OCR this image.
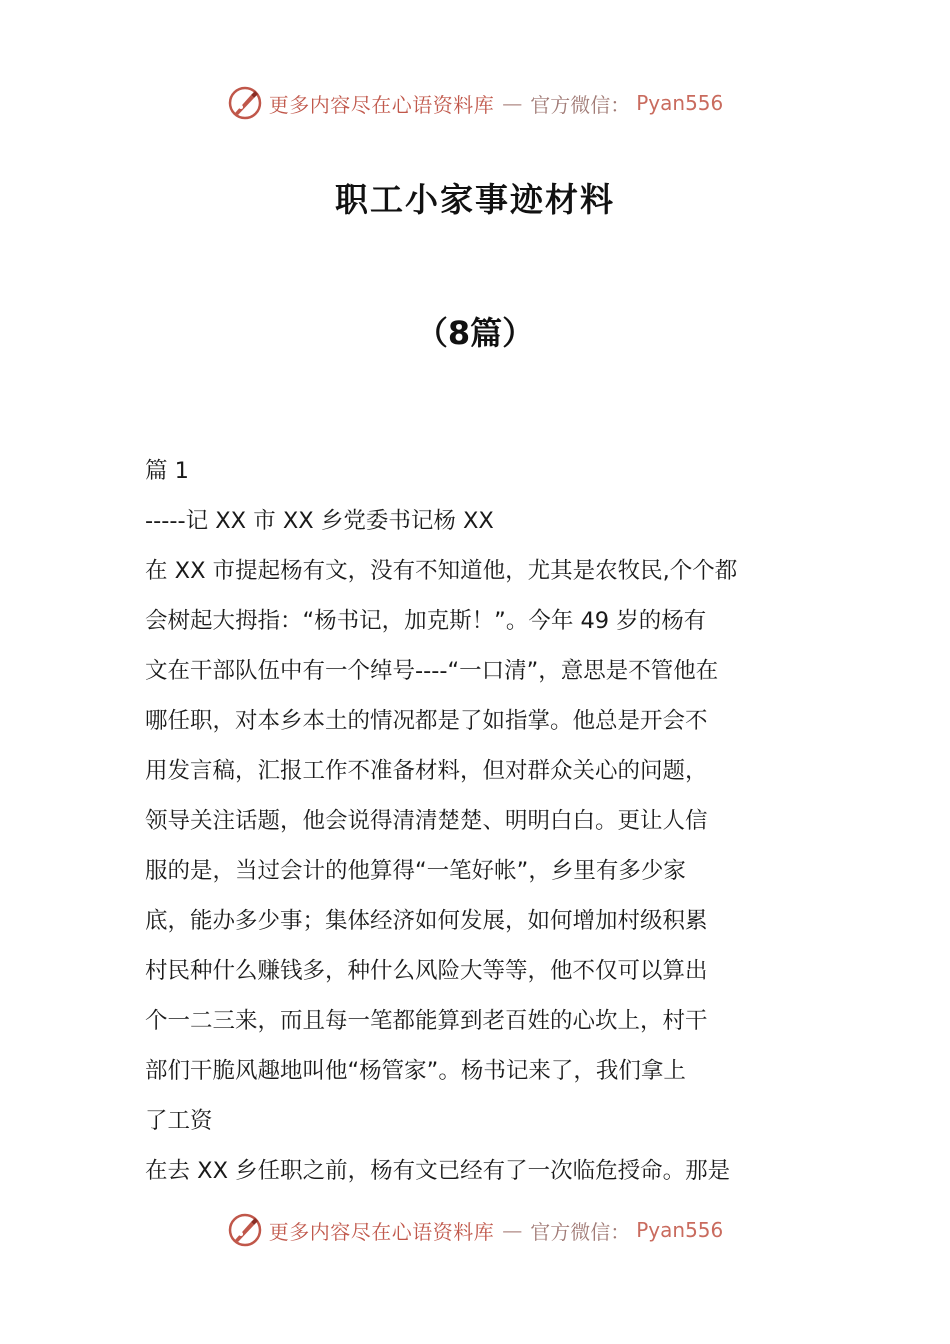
更多内容尽在心语资料库 — 官方微信： Pyan556
职工小家事迹材料
（8篇）
篇 1
-----记 XX 市 XX 乡党委书记杨 XX
在 XX 市提起杨有文，没有不知道他，尤其是农牧民,个个都
会树起大拇指：“杨书记，加克斯！”。今年 49 岁的杨有
文在干部队伍中有一个绰号----“一口清”，意思是不管他在
哪任职，对本乡本土的情况都是了如指掌。他总是开会不
用发言稿，汇报工作不准备材料，但对群众关心的问题，
领导关注话题，他会说得清清楚楚、明明白白。更让人信
服的是，当过会计的他算得“一笔好帐”，乡里有多少家
底，能办多少事；集体经济如何发展，如何增加村级积累
村民种什么赚钱多，种什么风险大等等，他不仅可以算出
个一二三来，而且每一笔都能算到老百姓的心坎上，村干
部们干脆风趣地叫他“杨管家”。杨书记来了，我们拿上
了工资
在去 XX 乡任职之前，杨有文已经有了一次临危授命。那是
更多内容尽在心语资料库 — 官方微信： Pyan556
